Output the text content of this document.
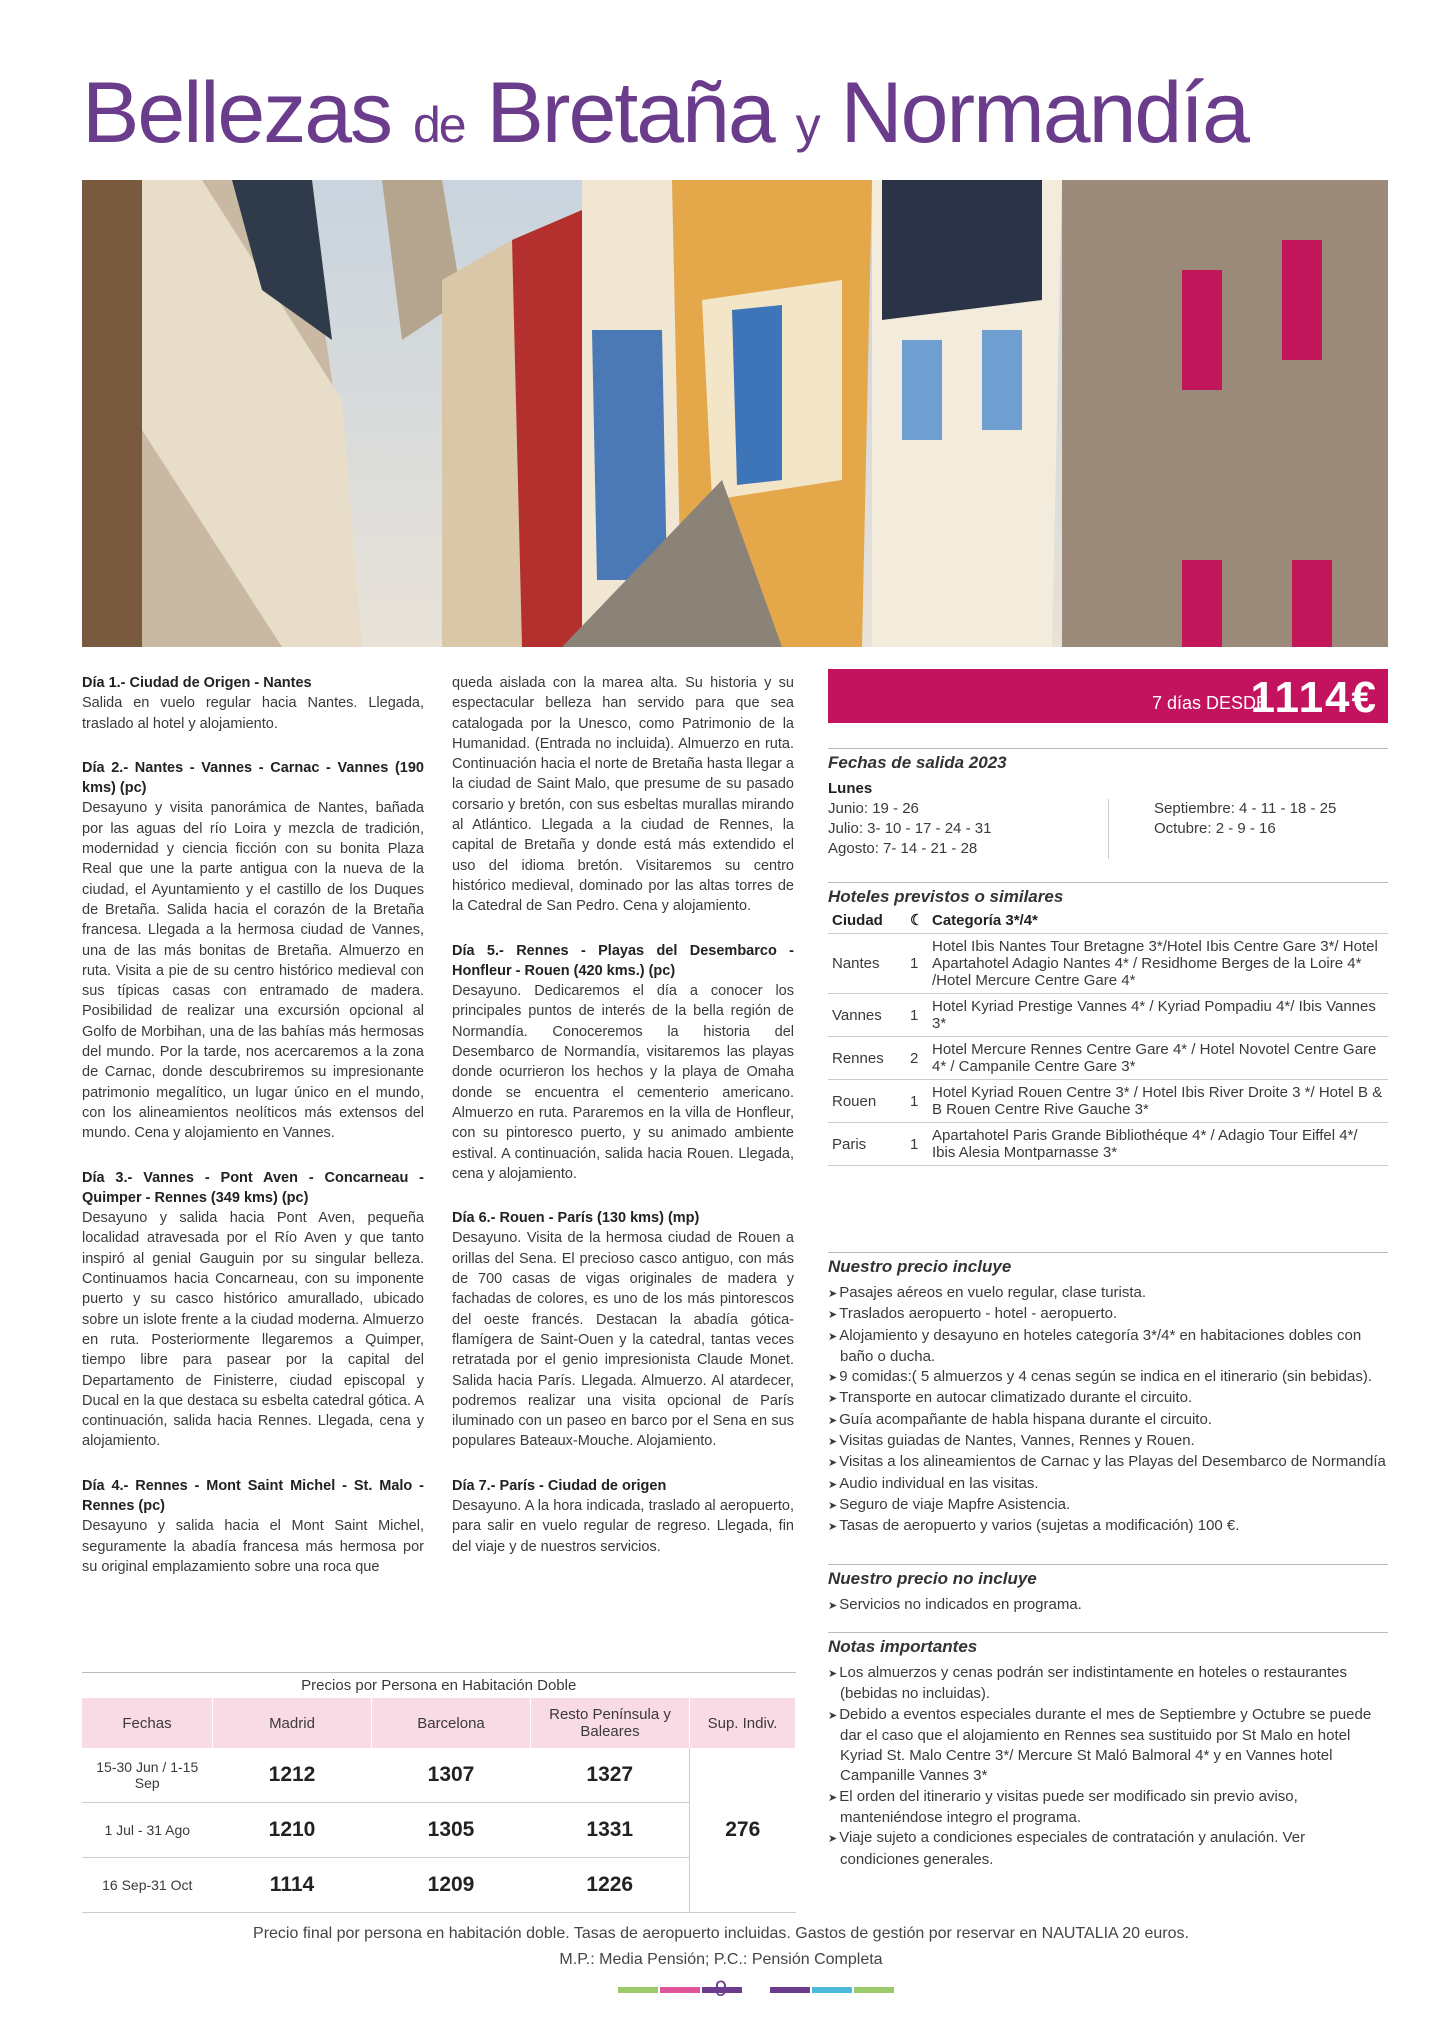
Bellezas de Bretaña y Normandía

Día 1.- Ciudad de Origen - Nantes
Salida en vuelo regular hacia Nantes. Llegada, traslado al hotel y alojamiento.

Día 2.- Nantes - Vannes - Carnac - Vannes (190 kms) (pc)
Desayuno y visita panorámica de Nantes, bañada por las aguas del río Loira y mezcla de tradición, modernidad y ciencia ficción con su bonita Plaza Real que une la parte antigua con la nueva de la ciudad, el Ayuntamiento y el castillo de los Duques de Bretaña. Salida hacia el corazón de la Bretaña francesa. Llegada a la hermosa ciudad de Vannes, una de las más bonitas de Bretaña. Almuerzo en ruta. Visita a pie de su centro histórico medieval con sus típicas casas con entramado de madera. Posibilidad de realizar una excursión opcional al Golfo de Morbihan, una de las bahías más hermosas del mundo. Por la tarde, nos acercaremos a la zona de Carnac, donde descubriremos su impresionante patrimonio megalítico, un lugar único en el mundo, con los alineamientos neolíticos más extensos del mundo. Cena y alojamiento en Vannes.

Día 3.- Vannes - Pont Aven - Concarneau - Quimper - Rennes (349 kms) (pc)
Desayuno y salida hacia Pont Aven, pequeña localidad atravesada por el Río Aven y que tanto inspiró al genial Gauguin por su singular belleza. Continuamos hacia Concarneau, con su imponente puerto y su casco histórico amurallado, ubicado sobre un islote frente a la ciudad moderna. Almuerzo en ruta. Posteriormente llegaremos a Quimper, tiempo libre para pasear por la capital del Departamento de Finisterre, ciudad episcopal y Ducal en la que destaca su esbelta catedral gótica. A continuación, salida hacia Rennes. Llegada, cena y alojamiento.

Día 4.- Rennes - Mont Saint Michel - St. Malo - Rennes (pc)
Desayuno y salida hacia el Mont Saint Michel, seguramente la abadía francesa más hermosa por su original emplazamiento sobre una roca que

queda aislada con la marea alta. Su historia y su espectacular belleza han servido para que sea catalogada por la Unesco, como Patrimonio de la Humanidad. (Entrada no incluida). Almuerzo en ruta. Continuación hacia el norte de Bretaña hasta llegar a la ciudad de Saint Malo, que presume de su pasado corsario y bretón, con sus esbeltas murallas mirando al Atlántico. Llegada a la ciudad de Rennes, la capital de Bretaña y donde está más extendido el uso del idioma bretón. Visitaremos su centro histórico medieval, dominado por las altas torres de la Catedral de San Pedro. Cena y alojamiento.

Día 5.- Rennes - Playas del Desembarco - Honfleur - Rouen (420 kms.) (pc)
Desayuno. Dedicaremos el día a conocer los principales puntos de interés de la bella región de Normandía. Conoceremos la historia del Desembarco de Normandía, visitaremos las playas donde ocurrieron los hechos y la playa de Omaha donde se encuentra el cementerio americano. Almuerzo en ruta. Pararemos en la villa de Honfleur, con su pintoresco puerto, y su animado ambiente estival. A continuación, salida hacia Rouen. Llegada, cena y alojamiento.

Día 6.- Rouen - París (130 kms) (mp)
Desayuno. Visita de la hermosa ciudad de Rouen a orillas del Sena. El precioso casco antiguo, con más de 700 casas de vigas originales de madera y fachadas de colores, es uno de los más pintorescos del oeste francés. Destacan la abadía gótica-flamígera de Saint-Ouen y la catedral, tantas veces retratada por el genio impresionista Claude Monet. Salida hacia París. Llegada. Almuerzo. Al atardecer, podremos realizar una visita opcional de París iluminado con un paseo en barco por el Sena en sus populares Bateaux-Mouche. Alojamiento.

Día 7.- París - Ciudad de origen
Desayuno. A la hora indicada, traslado al aeropuerto, para salir en vuelo regular de regreso. Llegada, fin del viaje y de nuestros servicios.

7 días DESDE
1114€
Fechas de salida 2023
Lunes
Junio: 19 - 26
Julio: 3- 10 - 17 - 24 - 31
Agosto: 7- 14 - 21 - 28
Septiembre: 4 - 11 - 18 - 25
Octubre: 2 - 9 - 16
Hoteles previstos o similares
Ciudad	☾	Categoría 3*/4*
Nantes	1	Hotel Ibis Nantes Tour Bretagne 3*/Hotel Ibis Centre Gare 3*/ Hotel Apartahotel Adagio Nantes 4* / Residhome Berges de la Loire 4* /Hotel Mercure Centre Gare 4*
Vannes	1	Hotel Kyriad Prestige Vannes 4* / Kyriad Pompadiu 4*/ Ibis Vannes 3*
Rennes	2	Hotel Mercure Rennes Centre Gare 4* / Hotel Novotel Centre Gare 4* / Campanile Centre Gare 3*
Rouen	1	Hotel Kyriad Rouen Centre 3* / Hotel Ibis River Droite 3 */ Hotel B & B Rouen Centre Rive Gauche 3*
Paris	1	Apartahotel Paris Grande Bibliothéque 4* / Adagio Tour Eiffel 4*/ Ibis Alesia Montparnasse 3*
Nuestro precio incluye
➤ Pasajes aéreos en vuelo regular, clase turista.
➤ Traslados aeropuerto - hotel - aeropuerto.
➤ Alojamiento y desayuno en hoteles categoría 3*/4* en habitaciones dobles con baño o ducha.
➤ 9 comidas:( 5 almuerzos y 4 cenas según se indica en el itinerario (sin bebidas).
➤ Transporte en autocar climatizado durante el circuito.
➤ Guía acompañante de habla hispana durante el circuito.
➤ Visitas guiadas de Nantes, Vannes, Rennes y Rouen.
➤ Visitas a los alineamientos de Carnac y las Playas del Desembarco de Normandía
➤ Audio individual en las visitas.
➤ Seguro de viaje Mapfre Asistencia.
➤ Tasas de aeropuerto y varios (sujetas a modificación) 100 €.
Nuestro precio no incluye
➤ Servicios no indicados en programa.
Notas importantes
➤ Los almuerzos y cenas podrán ser indistintamente en hoteles o restaurantes (bebidas no incluidas).
➤ Debido a eventos especiales durante el mes de Septiembre y Octubre se puede dar el caso que el alojamiento en Rennes sea sustituido por St Malo en hotel Kyriad St. Malo Centre 3*/ Mercure St Maló Balmoral 4* y en Vannes hotel Campanille Vannes 3*
➤ El orden del itinerario y visitas puede ser modificado sin previo aviso, manteniéndose integro el programa.
➤ Viaje sujeto a condiciones especiales de contratación y anulación. Ver condiciones generales.
Precios por Persona en Habitación Doble				
Fechas	Madrid	Barcelona	Resto Península y Baleares	Sup. Indiv.
15-30 Jun / 1-15 Sep	1212	1307	1327	276
1 Jul - 31 Ago	1210	1305	1331	
16 Sep-31 Oct	1114	1209	1226	
Precio final por persona en habitación doble. Tasas de aeropuerto incluidas. Gastos de gestión por reservar en NAUTALIA 20 euros.
M.P.: Media Pensión; P.C.: Pensión Completa
9
